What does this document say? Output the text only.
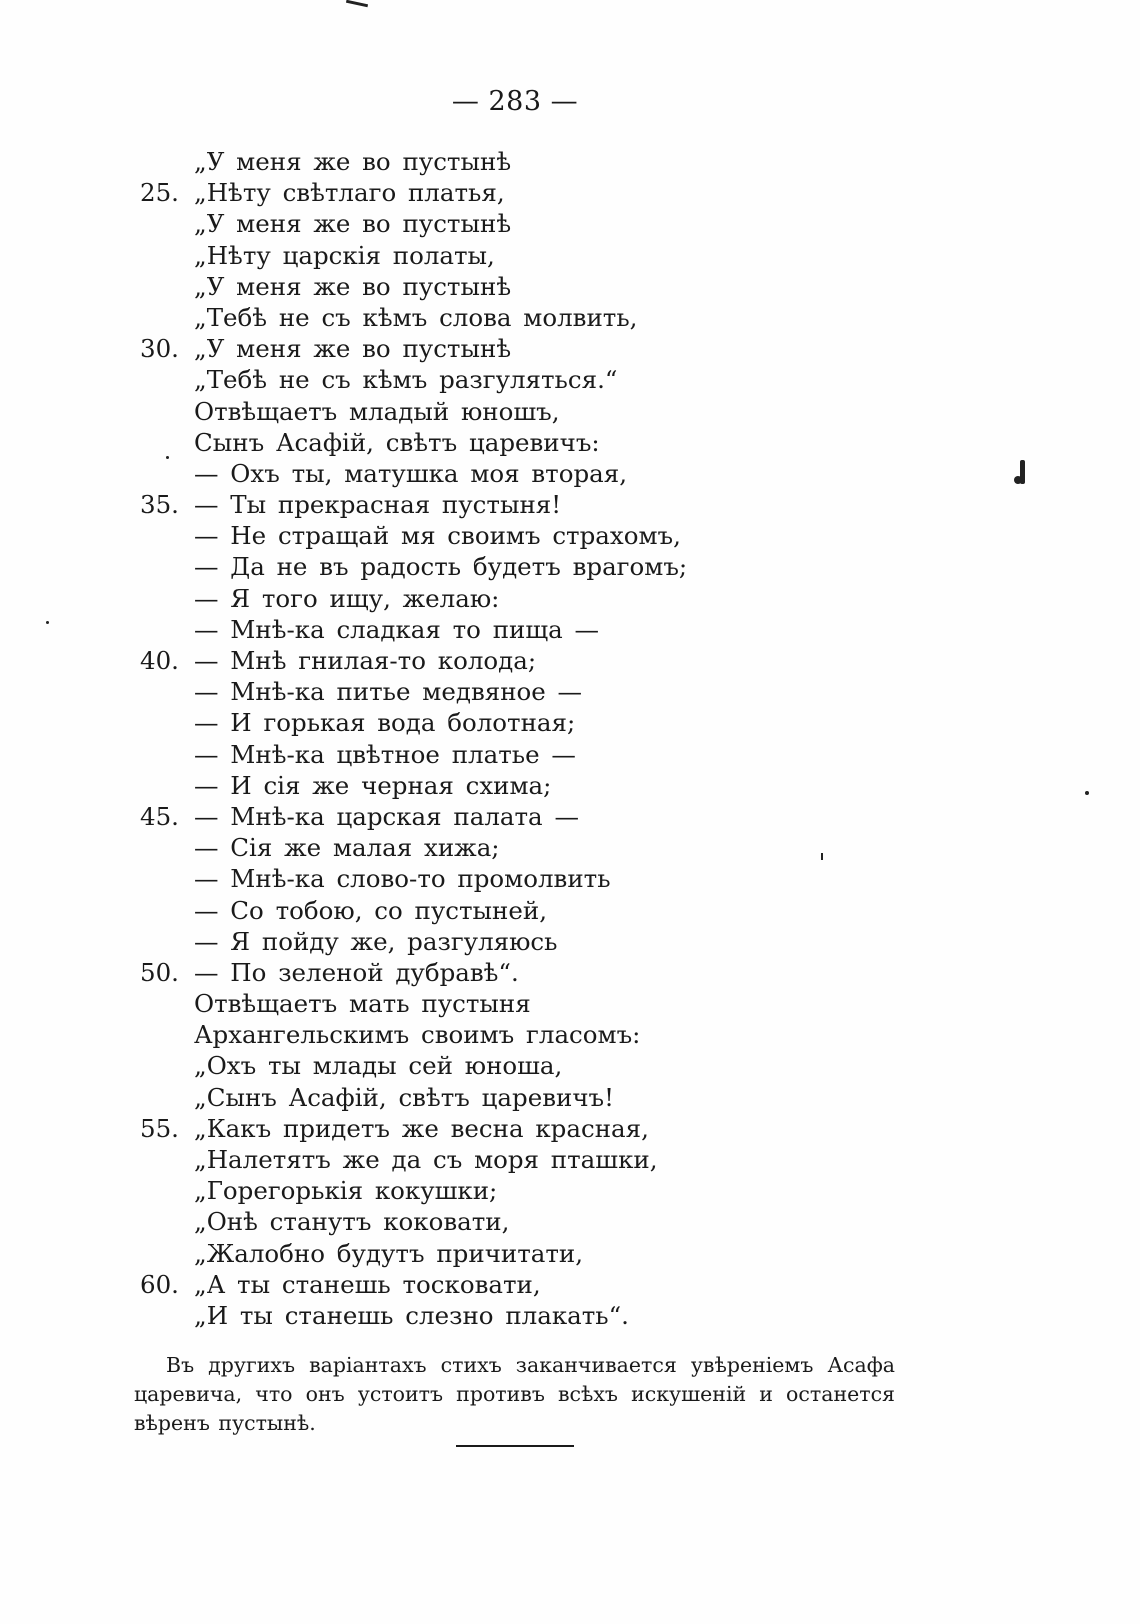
— 283 —
„У меня же во пустынѣ
25. „Нѣту свѣтлаго платья,
„У меня же во пустынѣ
„Нѣту царскія полаты,
„У меня же во пустынѣ
„Тебѣ не съ кѣмъ слова молвить,
30. „У меня же во пустынѣ
„Тебѣ не съ кѣмъ разгуляться.“
Отвѣщаетъ младый юношъ,
Сынъ Асафій, свѣтъ царевичъ:
— Охъ ты, матушка моя вторая,
35. — Ты прекрасная пустыня!
— Не стращай мя своимъ страхомъ,
— Да не въ радость будетъ врагомъ;
— Я того ищу, желаю:
— Мнѣ-ка сладкая то пища —
40. — Мнѣ гнилая-то колода;
— Мнѣ-ка питье медвяное —
— И горькая вода болотная;
— Мнѣ-ка цвѣтное платье —
— И сія же черная схима;
45. — Мнѣ-ка царская палата —
— Сія же малая хижа;
— Мнѣ-ка слово-то промолвить
— Со тобою, со пустыней,
— Я пойду же, разгуляюсь
50. — По зеленой дубравѣ“.
Отвѣщаетъ мать пустыня
Архангельскимъ своимъ гласомъ:
„Охъ ты млады сей юноша,
„Сынъ Асафій, свѣтъ царевичъ!
55. „Какъ придетъ же весна красная,
„Налетятъ же да съ моря пташки,
„Горегорькія кокушки;
„Онѣ станутъ коковати,
„Жалобно будутъ причитати,
60. „А ты станешь тосковати,
„И ты станешь слезно плакать“.
Въ другихъ варіантахъ стихъ заканчивается увѣреніемъ Асафа царевича, что онъ устоитъ противъ всѣхъ искушеній и останется вѣренъ пустынѣ.
